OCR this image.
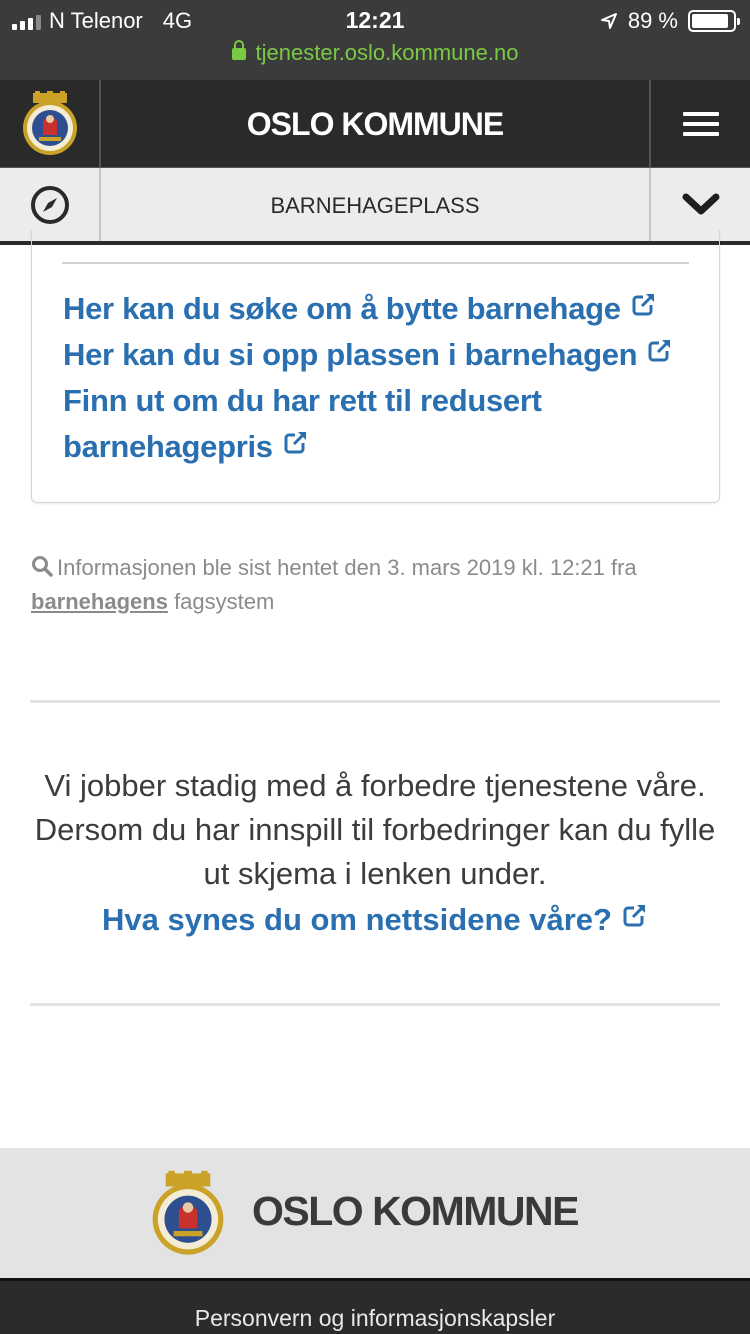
N Telenor 4G	12:21	89 %
tjenester.oslo.kommune.no
OSLO KOMMUNE
BARNEHAGEPLASS
Her kan du søke om å bytte barnehage
Her kan du si opp plassen i barnehagen
Finn ut om du har rett til redusert barnehagepris
Informasjonen ble sist hentet den 3. mars 2019 kl. 12:21 fra barnehagens fagsystem

Vi jobber stadig med å forbedre tjenestene våre. Dersom du har innspill til forbedringer kan du fylle ut skjema i lenken under.

Hva synes du om nettsidene våre?
OSLO KOMMUNE
Personvern og informasjonskapsler
